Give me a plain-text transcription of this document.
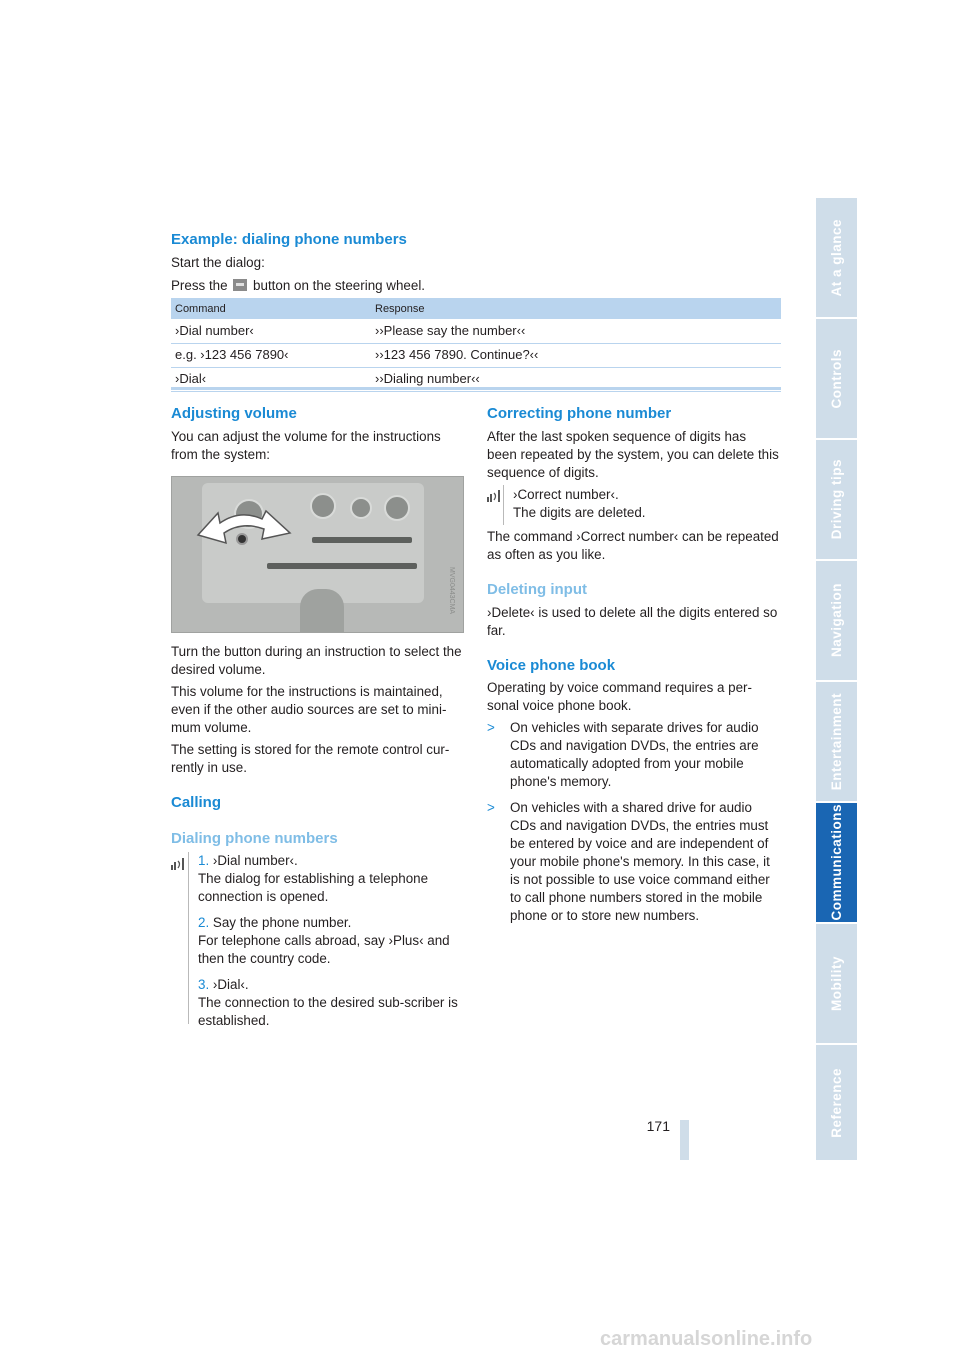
Example: dialing phone numbers
Start the dialog:
Press the button on the steering wheel.
Command	Response
›Dial number‹	››Please say the number‹‹
e.g. ›123 456 7890‹	››123 456 7890. Continue?‹‹
›Dial‹	››Dialing number‹‹
Adjusting volume
You can adjust the volume for the instructions from the system:
MVG0443CMA
Turn the button during an instruction to select the desired volume.
This volume for the instructions is maintained, even if the other audio sources are set to mini-mum volume.
The setting is stored for the remote control cur-rently in use.
Calling
Dialing phone numbers
1. ›Dial number‹.
The dialog for establishing a telephone connection is opened.
2. Say the phone number.
For telephone calls abroad, say ›Plus‹ and then the country code.
3. ›Dial‹.
The connection to the desired sub-scriber is established.
Correcting phone number
After the last spoken sequence of digits has been repeated by the system, you can delete this sequence of digits.
›Correct number‹.
The digits are deleted.
The command ›Correct number‹ can be repeated as often as you like.
Deleting input
›Delete‹ is used to delete all the digits entered so far.
Voice phone book
Operating by voice command requires a per-sonal voice phone book.
> On vehicles with separate drives for audio CDs and navigation DVDs, the entries are automatically adopted from your mobile phone's memory.
> On vehicles with a shared drive for audio CDs and navigation DVDs, the entries must be entered by voice and are independent of your mobile phone's memory. In this case, it is not possible to use voice command either to call phone numbers stored in the mobile phone or to store new numbers.
At a glance
Controls
Driving tips
Navigation
Entertainment
Communications
Mobility
Reference
171
carmanualsonline.info
